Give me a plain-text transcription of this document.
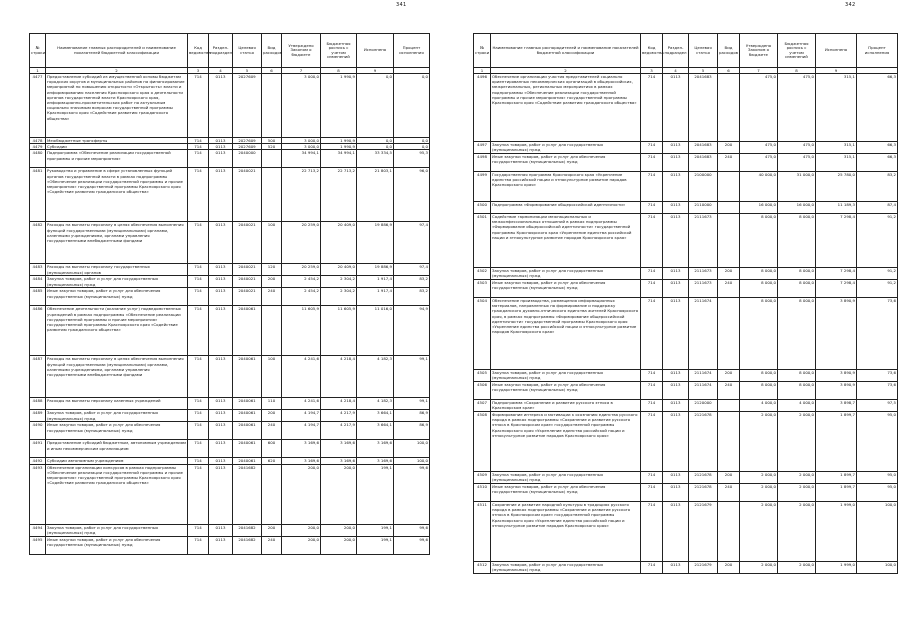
341
№ строки	Наименование главных распорядителей и наименование показателей бюджетной классификации	Код ведомства	Раздел-подраздел	Целевая статья	Вид расходов	Утверждено Законом о бюджете	Бюджетная роспись с учетом изменений	Исполнено	Процент исполнения
1	2	3	4	5	6	7	8	9	
4477	Предоставление субсидий из имущественной основы бюджетам городских округов и муниципальных районов на финансирование мероприятий по повышению открытости «Открытость» власти и информированию населения Красноярского края о деятельности органов государственной власти Красноярского края, информационно-просветительских работ по актуальным социально значимым вопросам государственной программы Красноярского края «Содействие развитию гражданского общества»	714	0113	2027609		3 000,0	1 990,9	0,0	0,0
4478	Межбюджетные трансферты	714	0113	2027609	500	3 000,0	1 990,9	0,0	0,0
4479	Субсидии	714	0113	2027609	520	3 000,0	1 990,9	0,0	0,0
4480	Подпрограмма «Обеспечение реализации государственной программы и прочие мероприятия»	714	0113	2040000		34 994,1	34 994,1	33 334,5	95,3
4481	Руководство и управление в сфере установленных функций органов государственной власти в рамках подпрограммы «Обеспечение реализации государственной программы и прочие мероприятия» государственной программы Красноярского края «Содействие развитию гражданского общества»	714	0113	2040021		22 713,2	22 713,2	21 803,1	96,0
4482	Расходы на выплаты персоналу в целях обеспечения выполнения функций государственными (муниципальными) органами, казенными учреждениями, органами управления государственными внебюджетными фондами	714	0113	2040021	100	20 259,0	20 409,0	19 886,9	97,4
4483	Расходы на выплаты персоналу государственных (муниципальных) органов	714	0113	2040021	120	20 259,0	20 409,0	19 886,9	97,4
4484	Закупка товаров, работ и услуг для государственных (муниципальных) нужд	714	0113	2040021	200	2 454,2	2 304,2	1 917,4	83,2
4485	Иные закупки товаров, работ и услуг для обеспечения государственных (муниципальных) нужд	714	0113	2040021	240	2 454,2	2 304,2	1 917,4	83,2
4486	Обеспечение деятельности (оказание услуг) подведомственных учреждений в рамках подпрограммы «Обеспечение реализации государственной программы и прочие мероприятия» государственной программы Красноярского края «Содействие развитию гражданского общества»	714	0113	2040061		11 605,9	11 605,9	11 016,0	94,9
4487	Расходы на выплаты персоналу в целях обеспечения выполнения функций государственными (муниципальными) органами, казенными учреждениями, органами управления государственными внебюджетными фондами	714	0113	2040061	100	4 241,6	4 218,4	4 182,3	99,1
4488	Расходы на выплаты персоналу казенных учреждений	714	0113	2040061	110	4 241,6	4 218,4	4 182,3	99,1
4489	Закупка товаров, работ и услуг для государственных (муниципальных) нужд	714	0113	2040061	200	4 194,7	4 217,9	3 664,1	86,9
4490	Иные закупки товаров, работ и услуг для обеспечения государственных (муниципальных) нужд	714	0113	2040061	240	4 194,7	4 217,9	3 664,1	86,9
4491	Предоставление субсидий бюджетным, автономным учреждениям и иным некоммерческим организациям	714	0113	2040061	600	3 169,6	3 169,6	3 169,6	100,0
4492	Субсидии автономным учреждениям	714	0113	2040061	620	3 169,6	3 169,6	3 169,6	100,0
4493	Обеспечение организации конкурсов в рамках подпрограммы «Обеспечение реализации государственной программы и прочие мероприятия» государственной программы Красноярского края «Содействие развитию гражданского общества»	714	0113	2041682		200,0	200,0	199,1	99,6
4494	Закупка товаров, работ и услуг для государственных (муниципальных) нужд	714	0113	2041682	200	200,0	200,0	199,1	99,6
4495	Иные закупки товаров, работ и услуг для обеспечения государственных (муниципальных) нужд	714	0113	2041682	240	200,0	200,0	199,1	99,6
342
№ строки	Наименование главных распорядителей и наименование показателей бюджетной классификации	Код ведомства	Раздел-подраздел	Целевая статья	Вид расходов	Утверждено Законом о бюджете	Бюджетная роспись с учетом изменений	Исполнено	Процент исполнения
1	2	3	4	5	6	7	8	9	
4496	Обеспечение организации участия представителей социально ориентированных некоммерческих организаций в общероссийских, межрегиональных, региональных мероприятиях в рамках подпрограммы «Обеспечение реализации государственной программы и прочие мероприятия» государственной программы Красноярского края «Содействие развитию гражданского общества»	714	0113	2041683		475,0	475,0	315,1	66,3
4497	Закупка товаров, работ и услуг для государственных (муниципальных) нужд	714	0113	2041683	200	475,0	475,0	315,1	66,3
4498	Иные закупки товаров, работ и услуг для обеспечения государственных (муниципальных) нужд	714	0113	2041683	240	475,0	475,0	315,1	66,3
4499	Государственная программа Красноярского края «Укрепление единства российской нации и этнокультурное развитие народов Красноярского края»	714	0113	2100000		40 000,0	31 000,0	25 780,0	83,2
4500	Подпрограмма «Формирование общероссийской идентичности»	714	0113	2110000		16 000,0	16 000,0	11 189,3	87,4
4501	Содействие гармонизации межнациональных и межконфессиональных отношений в рамках подпрограммы «Формирование общероссийской идентичности» государственной программы Красноярского края «Укрепление единства российской нации и этнокультурное развитие народов Красноярского края»	714	0113	2111673		8 000,0	8 000,0	7 298,4	91,2
4502	Закупка товаров, работ и услуг для государственных (муниципальных) нужд	714	0113	2111673	200	8 000,0	8 000,0	7 298,4	91,2
4503	Иные закупки товаров, работ и услуг для обеспечения государственных (муниципальных) нужд	714	0113	2111673	240	8 000,0	8 000,0	7 298,4	91,2
4504	Обеспечение производства, размещения информационных материалов, направленных на формирование и поддержку гражданского духовно-этнического единства жителей Красноярского края, в рамках подпрограммы «Формирование общероссийской идентичности» государственной программы Красноярского края «Укрепление единства российской нации и этнокультурное развитие народов Красноярского края»	714	0113	2111674		8 000,0	8 000,0	3 890,9	73,6
4505	Закупка товаров, работ и услуг для государственных (муниципальных) нужд	714	0113	2111674	200	8 000,0	8 000,0	3 890,9	73,6
4506	Иные закупки товаров, работ и услуг для обеспечения государственных (муниципальных) нужд	714	0113	2111674	240	8 000,0	8 000,0	3 890,9	73,6
4507	Подпрограмма «Сохранение и развитие русского этноса в Красноярском крае»	714	0113	2120000		4 000,0	4 000,0	3 898,7	97,5
4508	Формирование интереса и мотивации к осознанию единства русского народа в рамках подпрограммы «Сохранение и развитие русского этноса в Красноярском крае» государственной программы Красноярского края «Укрепление единства российской нации и этнокультурное развитие народов Красноярского края»	714	0113	2121678		2 000,0	2 000,0	1 899,7	95,0
4509	Закупка товаров, работ и услуг для государственных (муниципальных) нужд	714	0113	2121678	200	2 000,0	2 000,0	1 899,7	95,0
4510	Иные закупки товаров, работ и услуг для обеспечения государственных (муниципальных) нужд	714	0113	2121678	240	2 000,0	2 000,0	1 899,7	95,0
4511	Сохранение и развитие народной культуры в традициях русского народа в рамках подпрограммы «Сохранение и развитие русского этноса в Красноярском крае» государственной программы Красноярского края «Укрепление единства российской нации и этнокультурное развитие народов Красноярского края»	714	0113	2121679		2 000,0	2 000,0	1 999,0	100,0
4512	Закупка товаров, работ и услуг для государственных (муниципальных) нужд	714	0113	2121679	200	2 000,0	2 000,0	1 999,0	100,0
